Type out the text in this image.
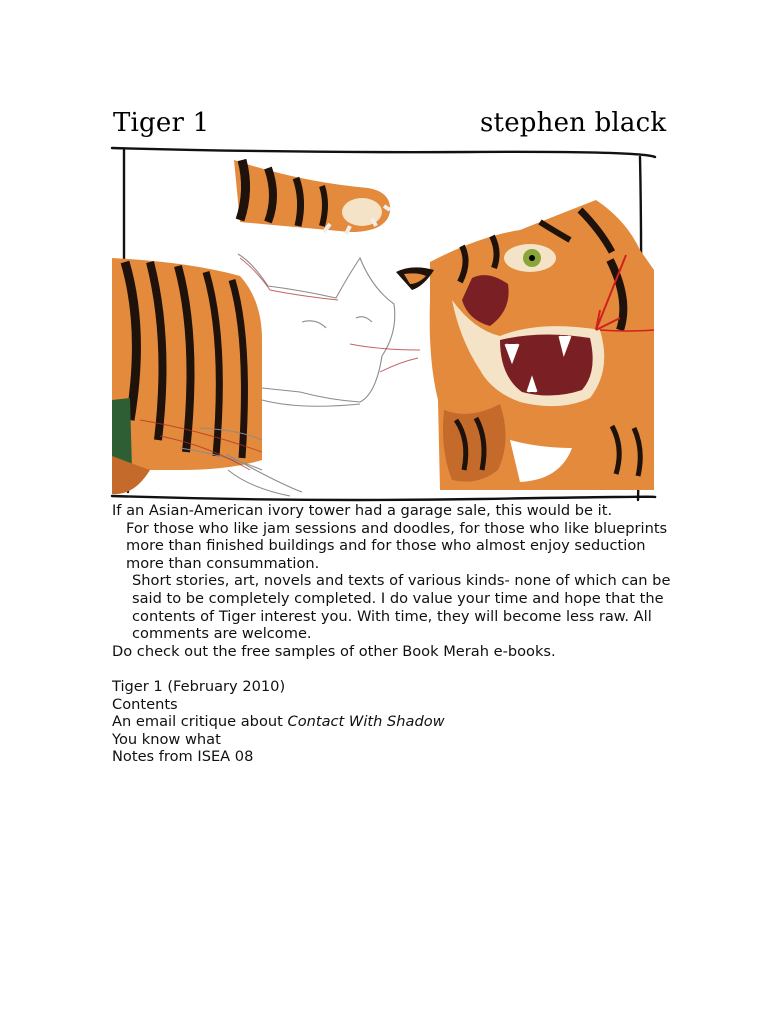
Tiger 1	stephen black

If an Asian-American ivory tower had a garage sale, this would be it.

For those who like jam sessions and doodles, for those who like blueprints more than finished buildings and for those who almost enjoy seduction more than consummation.

Short stories, art, novels and texts of various kinds- none of which can be said to be completely completed. I do value your time and hope that the contents of Tiger interest you. With time, they will become less raw. All comments are welcome.

Do check out the free samples of other Book Merah e-books.

Tiger 1 (February 2010)
Contents
An email critique about Contact With Shadow
You know what
Notes from ISEA 08
